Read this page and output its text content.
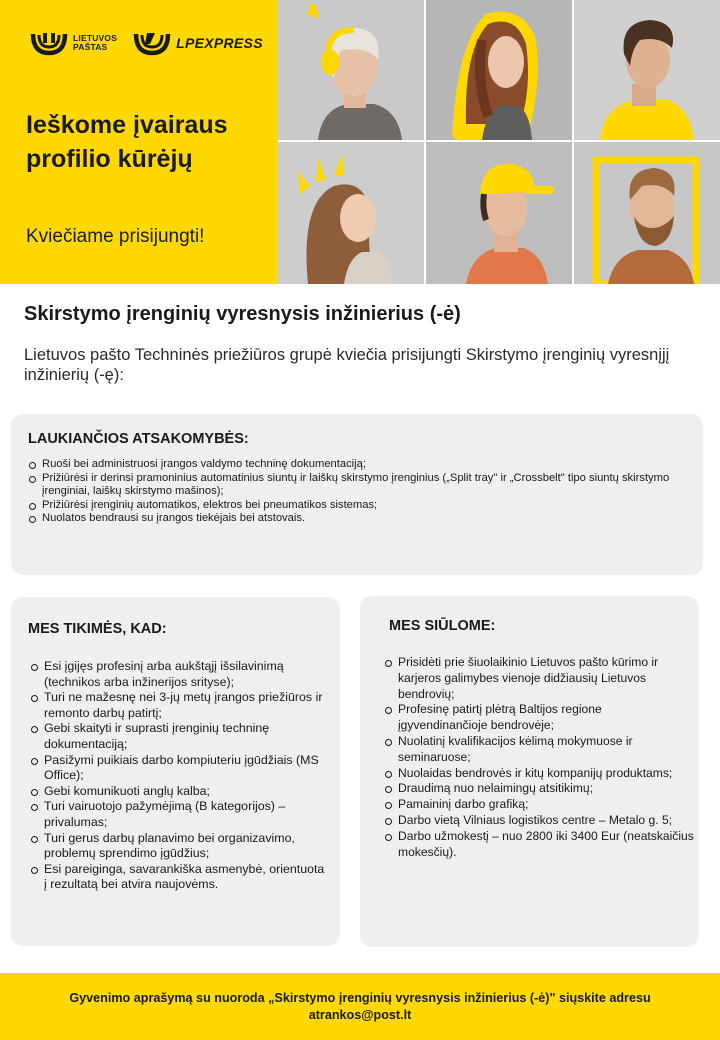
LIETUVOS
PAŠTAS	LPEXPRESS
Ieškome įvairaus profilio kūrėjų
Kviečiame prisijungti!
Skirstymo įrenginių vyresnysis inžinierius (-ė)

Lietuvos pašto Techninės priežiūros grupė kviečia prisijungti Skirstymo įrenginių vyresnįjį inžinierių (-ę):

LAUKIANČIOS ATSAKOMYBĖS:
Ruoši bei administruosi įrangos valdymo techninę dokumentaciją;
Prižiūrėsi ir derinsi pramoninius automatinius siuntų ir laiškų skirstymo įrenginius („Split tray" ir „Crossbelt" tipo siuntų skirstymo įrenginiai, laiškų skirstymo mašinos);
Prižiūrėsi įrenginių automatikos, elektros bei pneumatikos sistemas;
Nuolatos bendrausi su įrangos tiekėjais bei atstovais.
MES TIKIMĖS, KAD:
Esi įgijęs profesinį arba aukštąjį išsilavinimą (technikos arba inžinerijos srityse);
Turi ne mažesnę nei 3-jų metų įrangos priežiūros ir remonto darbų patirtį;
Gebi skaityti ir suprasti įrenginių techninę dokumentaciją;
Pasižymi puikiais darbo kompiuteriu įgūdžiais (MS Office);
Gebi komunikuoti anglų kalba;
Turi vairuotojo pažymėjimą (B kategorijos) – privalumas;
Turi gerus darbų planavimo bei organizavimo, problemų sprendimo įgūdžius;
Esi pareiginga, savarankiška asmenybė, orientuota į rezultatą bei atvira naujovėms.
MES SIŪLOME:
Prisidėti prie šiuolaikinio Lietuvos pašto kūrimo ir karjeros galimybes vienoje didžiausių Lietuvos bendrovių;
Profesinę patirtį plėtrą Baltijos regione įgyvendinančioje bendrovėje;
Nuolatinį kvalifikacijos kėlimą mokymuose ir seminaruose;
Nuolaidas bendrovės ir kitų kompanijų produktams;
Draudimą nuo nelaimingų atsitikimų;
Pamaininį darbo grafiką;
Darbo vietą Vilniaus logistikos centre – Metalo g. 5;
Darbo užmokestį – nuo 2800 iki 3400 Eur (neatskaičius mokesčių).
Gyvenimo aprašymą su nuoroda „Skirstymo įrenginių vyresnysis inžinierius (-ė)" siųskite adresu
atrankos@post.lt
